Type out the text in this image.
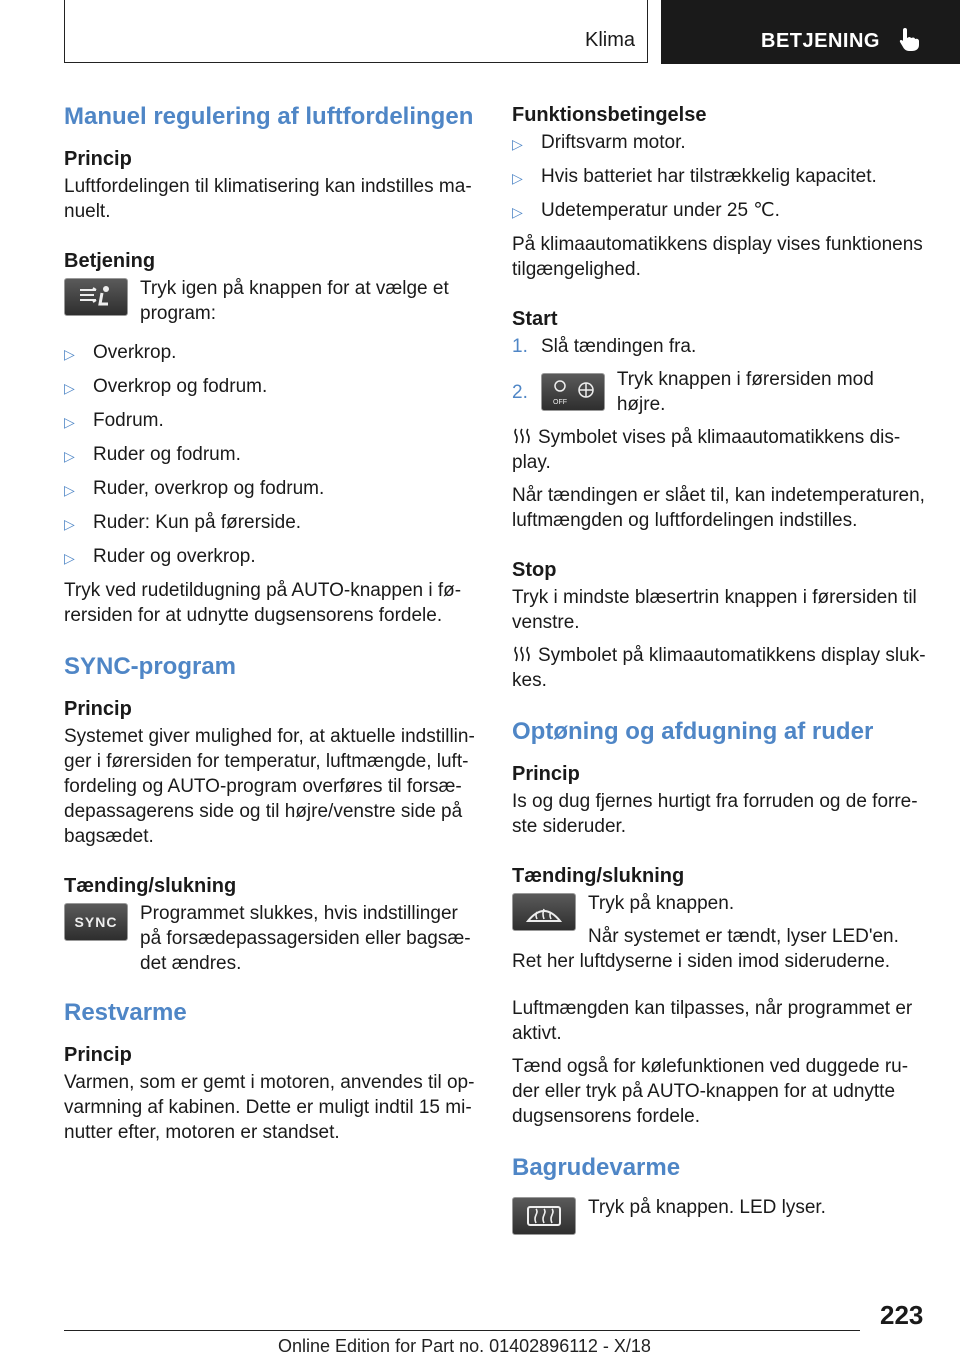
Klima	BETJENING
Manuel regulering af luftfordelingen
Princip

Luftfordelingen til klimatisering kan indstilles manuelt.

Betjening
Tryk igen på knappen for at vælge et program:
▷ Overkrop.
▷ Overkrop og fodrum.
▷ Fodrum.
▷ Ruder og fodrum.
▷ Ruder, overkrop og fodrum.
▷ Ruder: Kun på førerside.
▷ Ruder og overkrop.

Tryk ved rudetildugning på AUTO-knappen i førersiden for at udnytte dugsensorens fordele.

SYNC-program
Princip

Systemet giver mulighed for, at aktuelle indstillinger i førersiden for temperatur, luftmængde, luftfordeling og AUTO-program overføres til forsædepassagerens side og til højre/venstre side på bagsædet.

Tænding/slukning
SYNC	Programmet slukkes, hvis indstillinger på forsædepassagersiden eller bagsædet ændres.
Restvarme
Princip

Varmen, som er gemt i motoren, anvendes til opvarmning af kabinen. Dette er muligt indtil 15 minutter efter, motoren er standset.

Funktionsbetingelse
▷ Driftsvarm motor.
▷ Hvis batteriet har tilstrækkelig kapacitet.
▷ Udetemperatur under 25 ℃.

På klimaautomatikkens display vises funktionens tilgængelighed.

Start
1. Slå tændingen fra.
2.	OFF
Tryk knappen i førersiden mod højre.

Symbolet vises på klimaautomatikkens display.

Når tændingen er slået til, kan indetemperaturen, luftmængden og luftfordelingen indstilles.

Stop

Tryk i mindste blæsertrin knappen i førersiden til venstre.

Symbolet på klimaautomatikkens display slukkes.

Optøning og afdugning af ruder
Princip

Is og dug fjernes hurtigt fra forruden og de forreste sideruder.

Tænding/slukning
Tryk på knappen.
Når systemet er tændt, lyser LED'en.

Ret her luftdyserne i siden imod sideruderne.

Luftmængden kan tilpasses, når programmet er aktivt.

Tænd også for kølefunktionen ved duggede ruder eller tryk på AUTO-knappen for at udnytte dugsensorens fordele.

Bagrudevarme
Tryk på knappen. LED lyser.
223
Online Edition for Part no. 01402896112 - X/18
